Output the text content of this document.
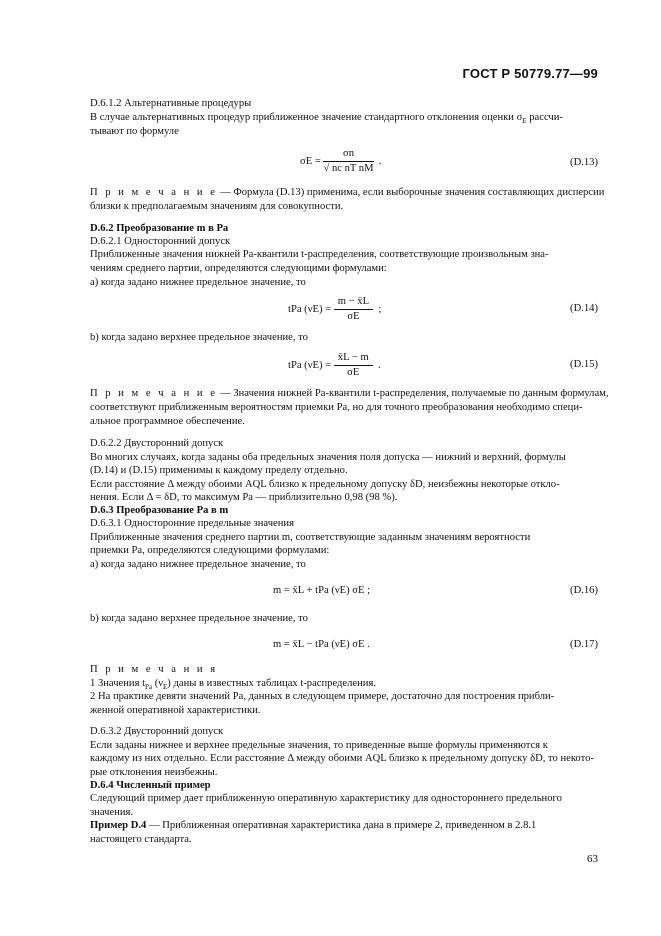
ГОСТ Р 50779.77—99
D.6.1.2 Альтернативные процедуры
В случае альтернативных процедур приближенное значение стандартного отклонения оценки $\sigma_E$ рассчи-
тывают по формуле
$\sigma E = \frac{\sigma n}{\text{√ nc nT nM}}$ .	(D.13)
П р и м е ч а н и е — Формула (D.13) применима, если выборочные значения составляющих дисперсии
близки к предполагаемым значениям для совокупности.
D.6.2 Преобразование m в Pa
D.6.2.1 Односторонний допуск
Приближенные значения нижней Pa-квантили t-распределения, соответствующие произвольным зна-
чениям среднего партии, определяются следующими формулами:
а) когда задано нижнее предельное значение, то
tPa $(\nu E) = \frac{m - x̄L}{\sigma E}$ ;	(D.14)
b) когда задано верхнее предельное значение, то
tPa $(\nu E) = \frac{x̄L - m}{\sigma E}$ .	(D.15)
П р и м е ч а н и е — Значения нижней Pa-квантили t-распределения, получаемые по данным формулам,
соответствуют приближенным вероятностям приемки Pa, но для точного преобразования необходимо специ-
альное программное обеспечение.
D.6.2.2 Двусторонний допуск
Во многих случаях, когда заданы оба предельных значения поля допуска — нижний и верхний, формулы
(D.14) и (D.15) применимы к каждому пределу отдельно.
Если расстояние Δ между обоими AQL близко к предельному допуску δD, неизбежны некоторые откло-
нения. Если Δ = δD, то максимум Pa — приблизительно 0,98 (98 %).
D.6.3 Преобразование Pa в m
D.6.3.1 Односторонние предельные значения
Приближенные значения среднего партии m, соответствующие заданным значениям вероятности
приемки Pa, определяются следующими формулами:
а) когда задано нижнее предельное значение, то
m = x̄L + tPa (νE) σE ;	(D.16)
b) когда задано верхнее предельное значение, то
m = x̄L − tPa (νE) σE .	(D.17)
П р и м е ч а н и я
1 Значения $t_{Pa}$ $(\nu_E)$ даны в известных таблицах t-распределения.
2 На практике девяти значений Pa, данных в следующем примере, достаточно для построения прибли-
женной оперативной характеристики.
D.6.3.2 Двусторонний допуск
Если заданы нижнее и верхнее предельные значения, то приведенные выше формулы применяются к
каждому из них отдельно. Если расстояние Δ между обоими AQL близко к предельному допуску δD, то некото-
рые отклонения неизбежны.
D.6.4 Численный пример
Следующий пример дает приближенную оперативную характеристику для одностороннего предельного
значения.
Пример D.4 — Приближенная оперативная характеристика дана в примере 2, приведенном в 2.8.1
настоящего стандарта.
63
